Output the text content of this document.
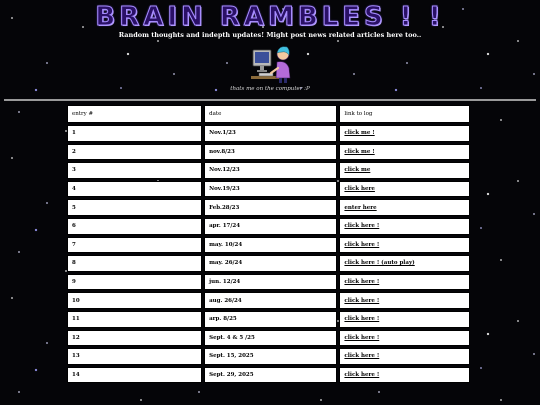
BRAIN RAMBLES ! !
Random thoughts and indepth updates! Might post news related articles here too..
thats me on the computer :P
entry #	date	link to log
1	Nov.1/23	click me !
2	nov.8/23	click me !
3	Nov.12/23	click me
4	Nov.19/23	click here
5	Feb.28/23	enter here
6	apr. 17/24	click here !
7	may. 10/24	click here !
8	may. 26/24	click here ! (auto play)
9	jun. 12/24	click here !
10	aug. 26/24	click here !
11	arp. 8/25	click here !
12	Sept. 4 & 5 /25	click here !
13	Sept. 15, 2025	click here !
14	Sept. 29, 2025	click here !
